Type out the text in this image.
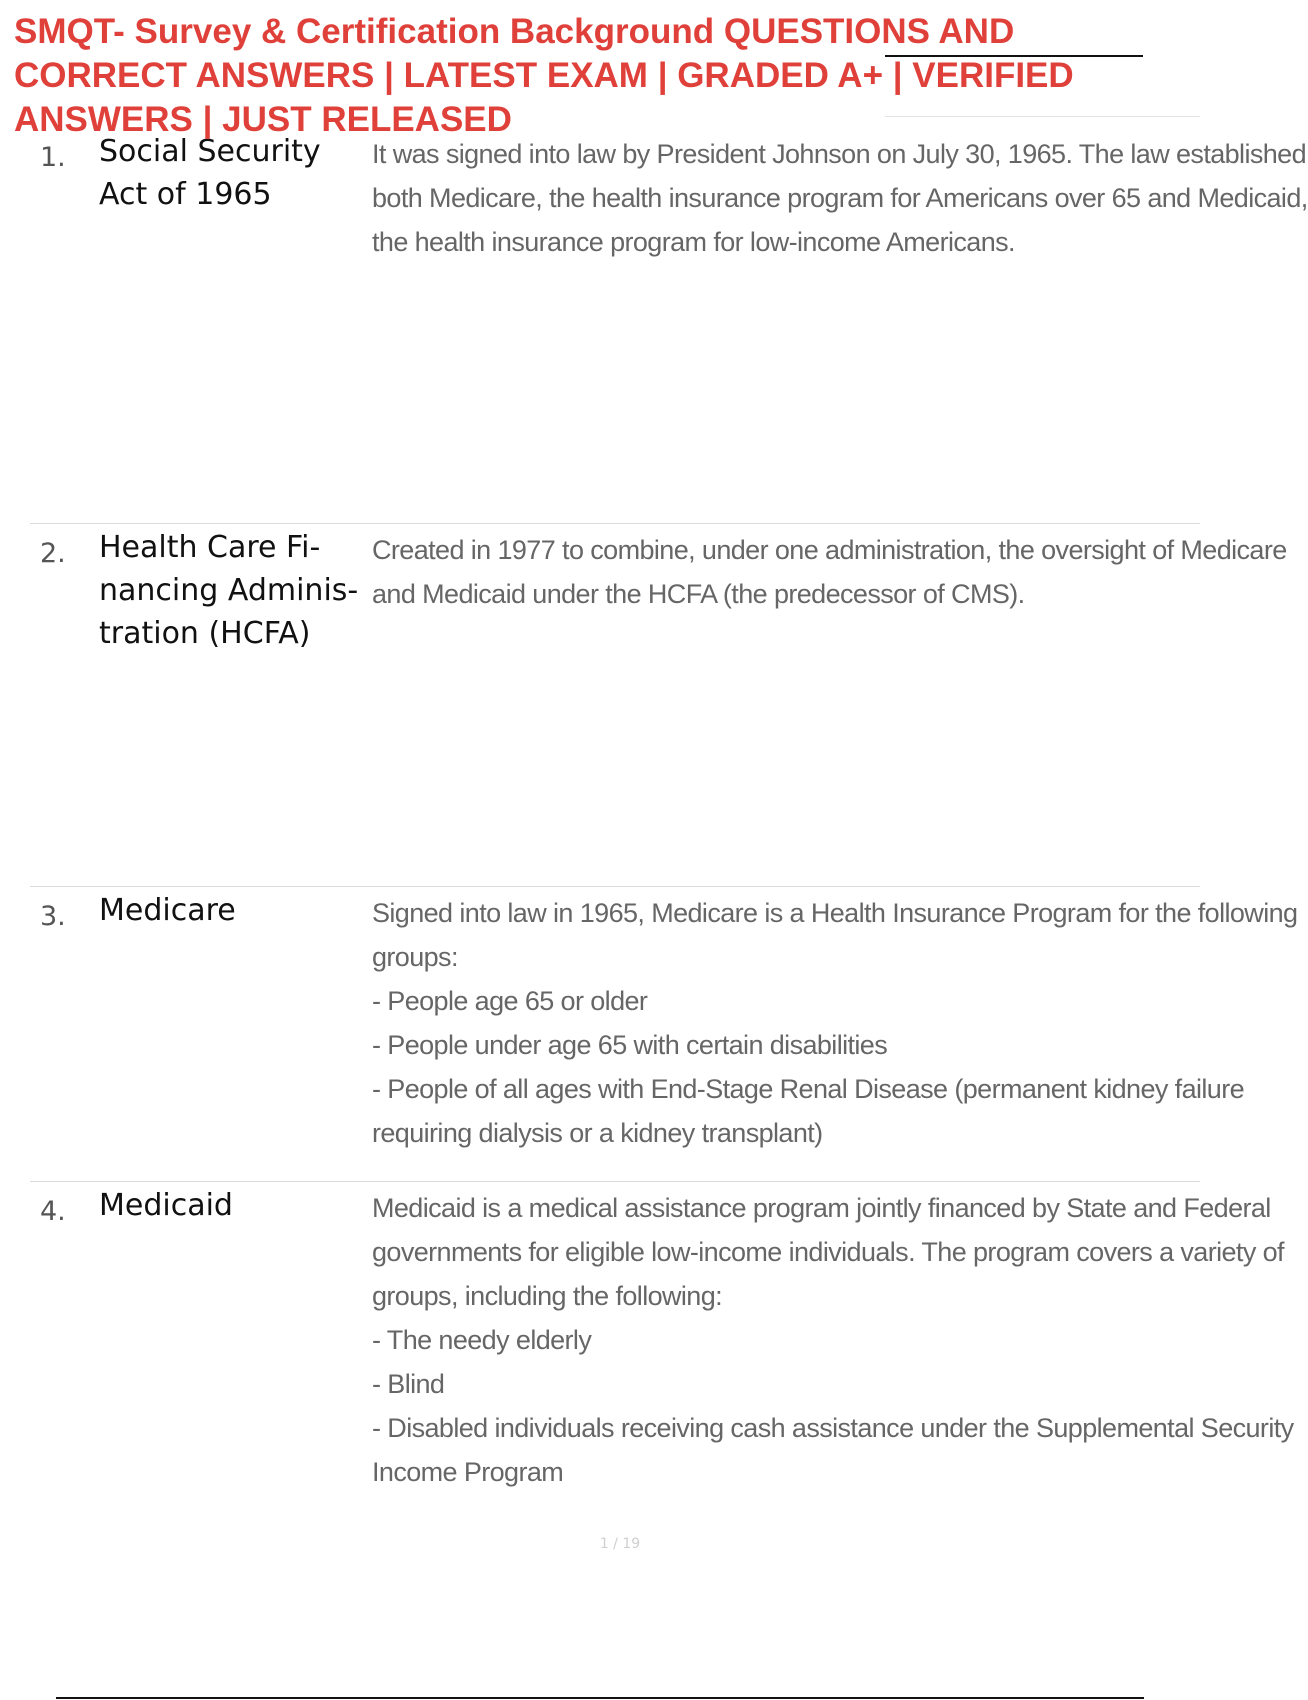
SMQT- Survey & Certification Background QUESTIONS AND CORRECT ANSWERS | LATEST EXAM | GRADED A+ | VERIFIED ANSWERS | JUST RELEASED
1. Social Security Act of 1965
It was signed into law by President Johnson on July 30, 1965. The law established
both Medicare, the health insurance program for Americans over 65 and Medicaid,
the health insurance program for low-income Americans.
2. Health Care Fi-nancing Adminis-tration (HCFA)
Created in 1977 to combine, under one administration, the oversight of Medicare
and Medicaid under the HCFA (the predecessor of CMS).
3. Medicare	Signed into law in 1965, Medicare is a Health Insurance Program for the following
groups:
- People age 65 or older
- People under age 65 with certain disabilities
- People of all ages with End-Stage Renal Disease (permanent kidney failure
requiring dialysis or a kidney transplant)
4. Medicaid	Medicaid is a medical assistance program jointly financed by State and Federal
governments for eligible low-income individuals. The program covers a variety of
groups, including the following:
- The needy elderly
- Blind
- Disabled individuals receiving cash assistance under the Supplemental Security
Income Program
1 / 19
